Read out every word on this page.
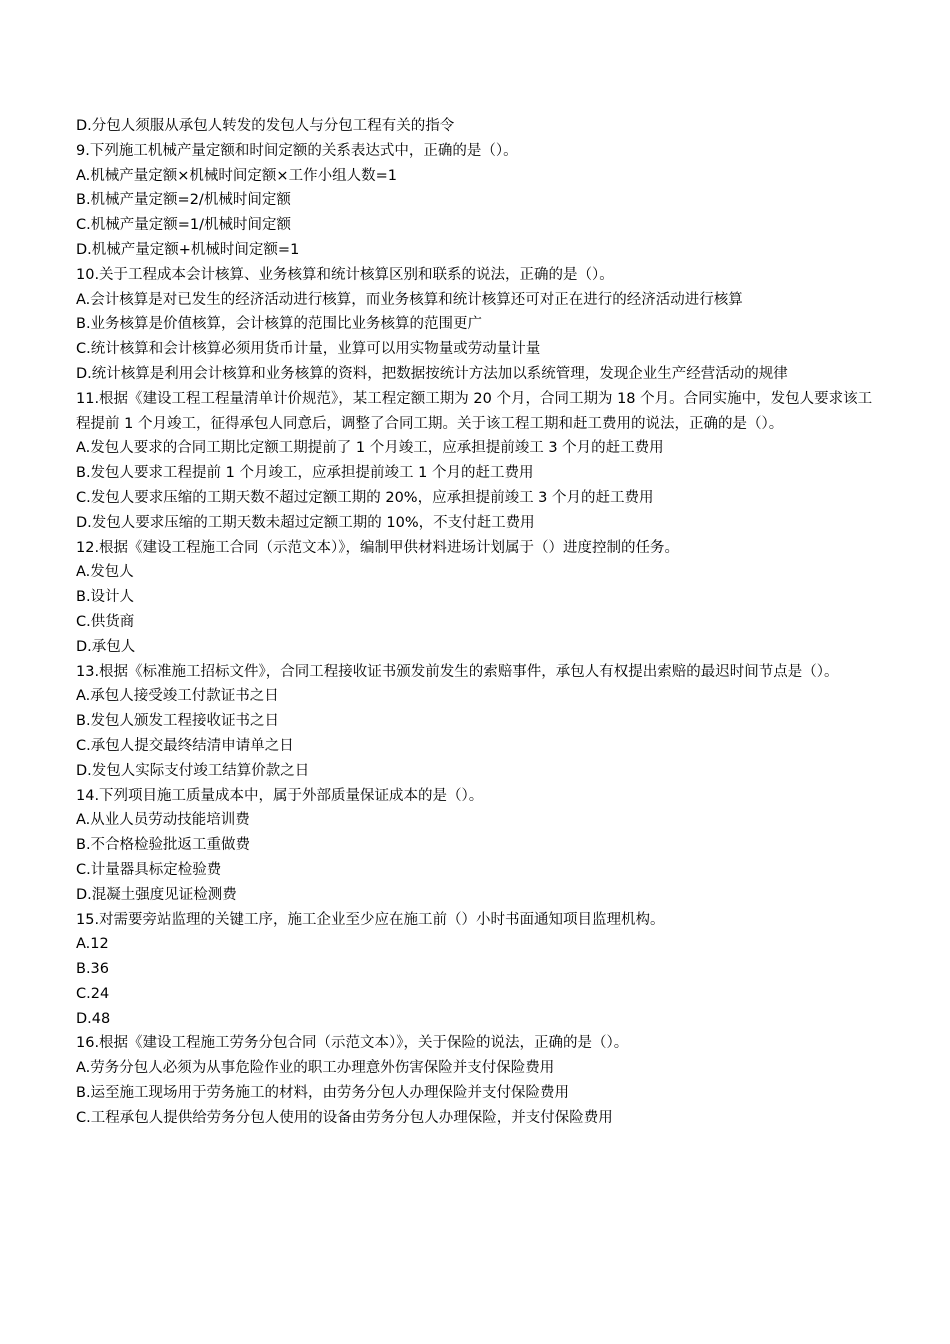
D.分包人须服从承包人转发的发包人与分包工程有关的指令
9.下列施工机械产量定额和时间定额的关系表达式中，正确的是（）。
A.机械产量定额×机械时间定额×工作小组人数=1
B.机械产量定额=2/机械时间定额
C.机械产量定额=1/机械时间定额
D.机械产量定额+机械时间定额=1
10.关于工程成本会计核算、业务核算和统计核算区别和联系的说法，正确的是（）。
A.会计核算是对已发生的经济活动进行核算，而业务核算和统计核算还可对正在进行的经济活动进行核算
B.业务核算是价值核算，会计核算的范围比业务核算的范围更广
C.统计核算和会计核算必须用货币计量，业算可以用实物量或劳动量计量
D.统计核算是利用会计核算和业务核算的资料，把数据按统计方法加以系统管理，发现企业生产经营活动的规律
11.根据《建设工程工程量清单计价规范》，某工程定额工期为 20 个月，合同工期为 18 个月。合同实施中，发包人要求该工程提前 1 个月竣工，征得承包人同意后，调整了合同工期。关于该工程工期和赶工费用的说法，正确的是（）。
A.发包人要求的合同工期比定额工期提前了 1 个月竣工，应承担提前竣工 3 个月的赶工费用
B.发包人要求工程提前 1 个月竣工，应承担提前竣工 1 个月的赶工费用
C.发包人要求压缩的工期天数不超过定额工期的 20%，应承担提前竣工 3 个月的赶工费用
D.发包人要求压缩的工期天数未超过定额工期的 10%，不支付赶工费用
12.根据《建设工程施工合同（示范文本）》，编制甲供材料进场计划属于（）进度控制的任务。
A.发包人
B.设计人
C.供货商
D.承包人
13.根据《标准施工招标文件》，合同工程接收证书颁发前发生的索赔事件，承包人有权提出索赔的最迟时间节点是（）。
A.承包人接受竣工付款证书之日
B.发包人颁发工程接收证书之日
C.承包人提交最终结清申请单之日
D.发包人实际支付竣工结算价款之日
14.下列项目施工质量成本中，属于外部质量保证成本的是（）。
A.从业人员劳动技能培训费
B.不合格检验批返工重做费
C.计量器具标定检验费
D.混凝土强度见证检测费
15.对需要旁站监理的关键工序，施工企业至少应在施工前（）小时书面通知项目监理机构。
A.12
B.36
C.24
D.48
16.根据《建设工程施工劳务分包合同（示范文本）》，关于保险的说法，正确的是（）。
A.劳务分包人必须为从事危险作业的职工办理意外伤害保险并支付保险费用
B.运至施工现场用于劳务施工的材料，由劳务分包人办理保险并支付保险费用
C.工程承包人提供给劳务分包人使用的设备由劳务分包人办理保险，并支付保险费用
